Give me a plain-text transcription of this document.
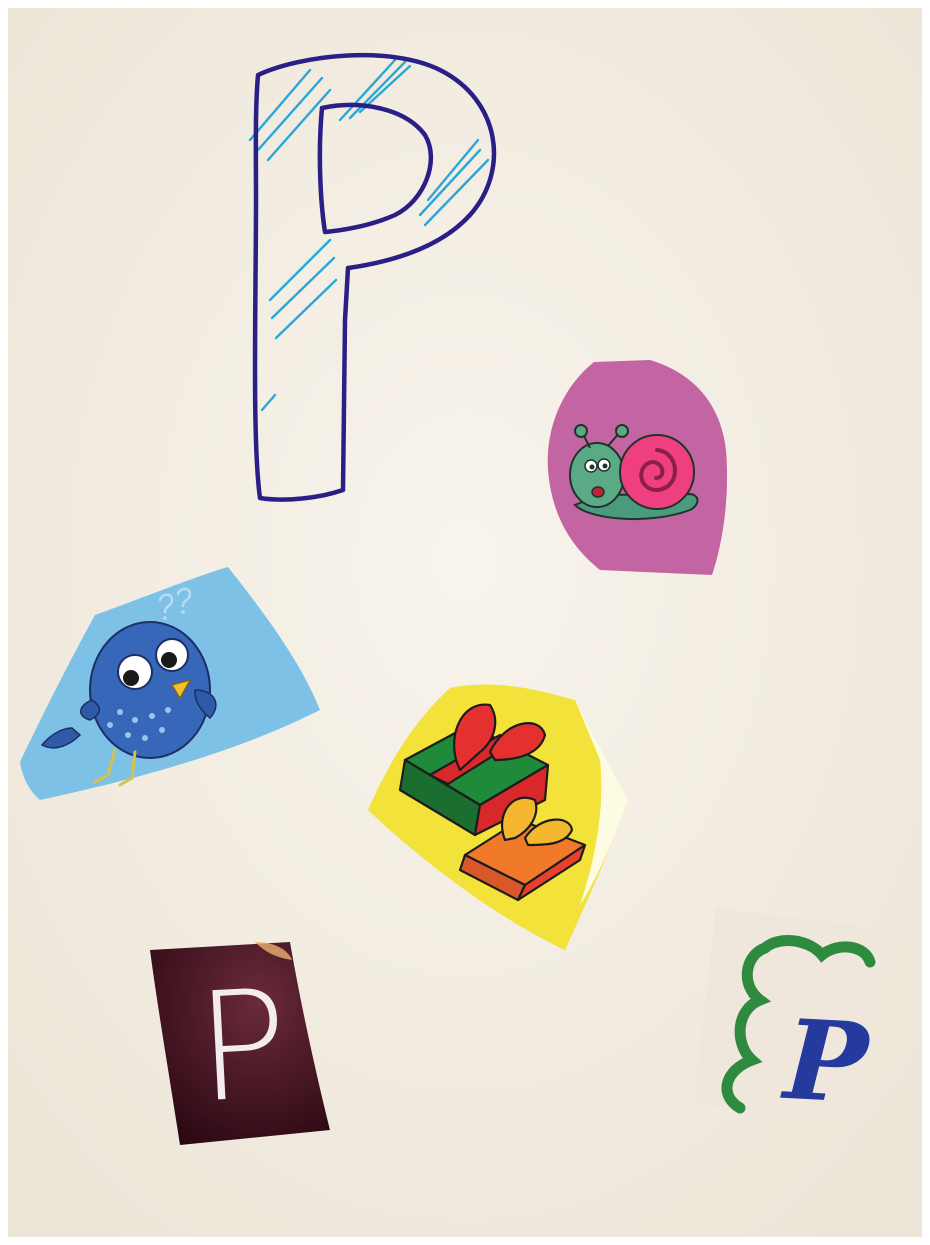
P	P
